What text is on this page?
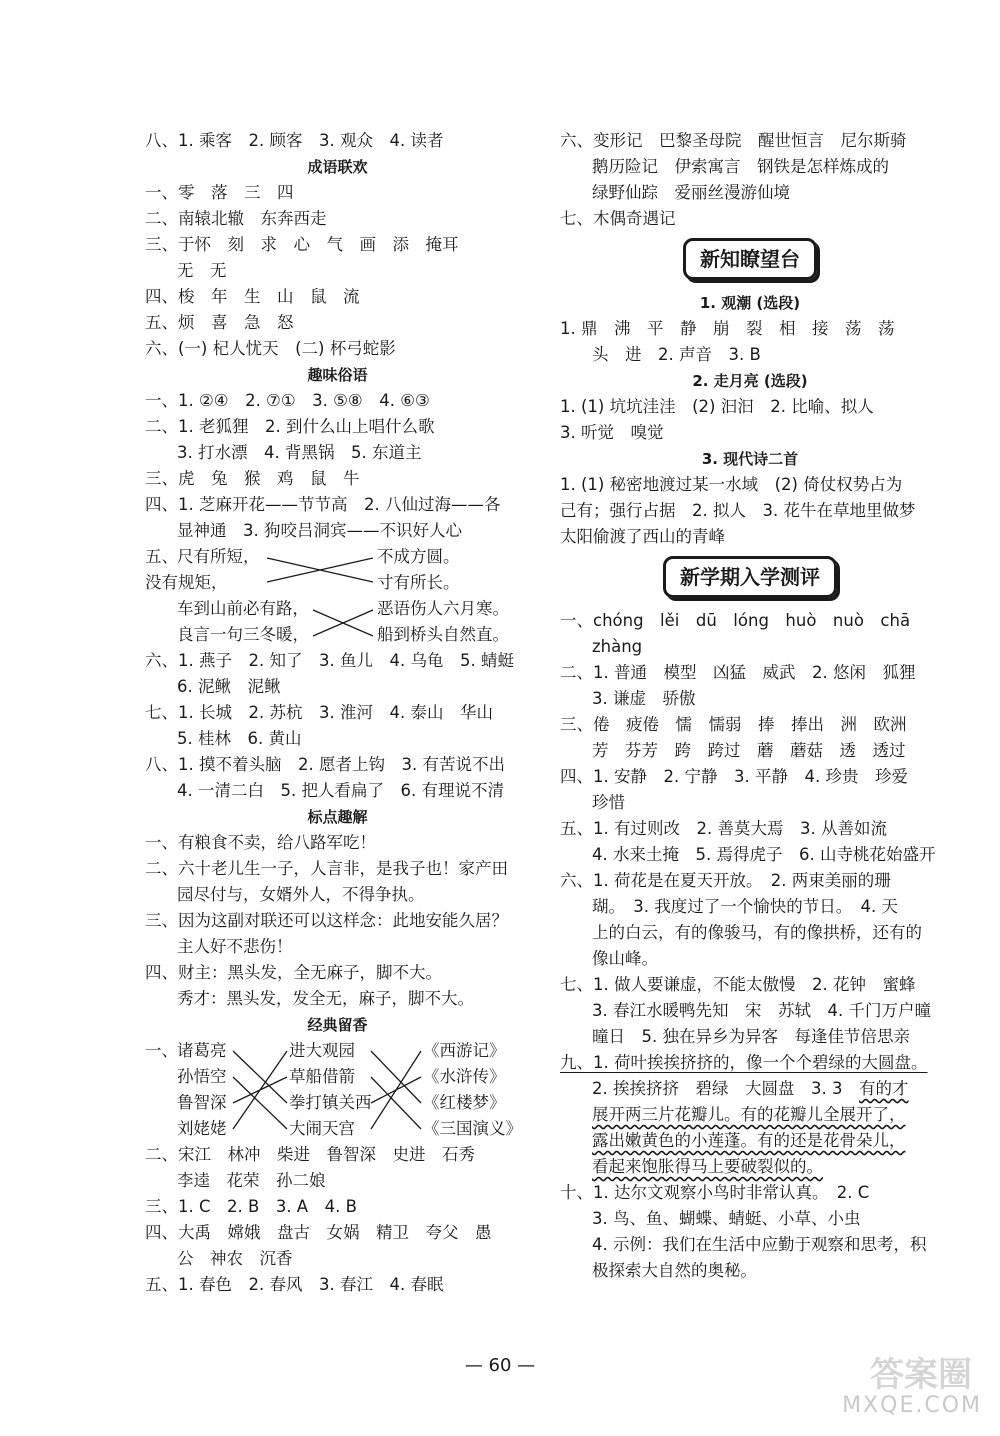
八、1. 乘客　2. 顾客　3. 观众　4. 读者
成语联欢
一、零　落　三　四
二、南辕北辙　东奔西走
三、于怀　刻　求　心　气　画　添　掩耳
无　无
四、梭　年　生　山　鼠　流
五、烦　喜　急　怒
六、(一) 杞人忧天　(二) 杯弓蛇影
趣味俗语
一、1. ②④　2. ⑦①　3. ⑤⑧　4. ⑥③
二、1. 老狐狸　2. 到什么山上唱什么歌
3. 打水漂　4. 背黑锅　5. 东道主
三、虎　兔　猴　鸡　鼠　牛
四、1. 芝麻开花——节节高　2. 八仙过海——各
显神通　3. 狗咬吕洞宾——不识好人心
五、 尺有所短，
没有规矩，
车到山前必有路，
良言一句三冬暖，
不成方圆。
寸有所长。
恶语伤人六月寒。
船到桥头自然直。
六、1. 燕子　2. 知了　3. 鱼儿　4. 乌龟　5. 蜻蜓
6. 泥鳅　泥鳅
七、1. 长城　2. 苏杭　3. 淮河　4. 泰山　华山
5. 桂林　6. 黄山
八、1. 摸不着头脑　2. 愿者上钩　3. 有苦说不出
4. 一清二白　5. 把人看扁了　6. 有理说不清
标点趣解
一、有粮食不卖，给八路军吃！
二、六十老儿生一子，人言非，是我子也！家产田
园尽付与，女婿外人，不得争执。
三、因为这副对联还可以这样念：此地安能久居？
主人好不悲伤！
四、财主：黑头发，全无麻子，脚不大。
秀才：黑头发，发全无，麻子，脚不大。
经典留香
一、 诸葛亮
孙悟空
鲁智深
刘姥姥
进大观园
草船借箭
拳打镇关西
大闹天宫
《西游记》
《水浒传》
《红楼梦》
《三国演义》
二、宋江　林冲　柴进　鲁智深　史进　石秀
李逵　花荣　孙二娘
三、1. C　2. B　3. A　4. B
四、大禹　嫦娥　盘古　女娲　精卫　夸父　愚
公　神农　沉香
五、1. 春色　2. 春风　3. 春江　4. 春眠
六、变形记　巴黎圣母院　醒世恒言　尼尔斯骑
鹅历险记　伊索寓言　钢铁是怎样炼成的
绿野仙踪　爱丽丝漫游仙境
七、木偶奇遇记
新知瞭望台
1. 观潮 (选段)
1. 鼎　沸　平　静　崩　裂　相　接　荡　荡
头　进　2. 声音　3. B
2. 走月亮 (选段)
1. (1) 坑坑洼洼　(2) 汩汩　2. 比喻、拟人
3. 听觉　嗅觉
3. 现代诗二首
1. (1) 秘密地渡过某一水域　(2) 倚仗权势占为
己有；强行占据　2. 拟人　3. 花牛在草地里做梦
太阳偷渡了西山的青峰
新学期入学测评
一、chóng　lěi　dū　lóng　huò　nuò　chā
zhàng
二、1. 普通　模型　凶猛　威武　2. 悠闲　狐狸
3. 谦虚　骄傲
三、倦　疲倦　懦　懦弱　捧　捧出　洲　欧洲
芳　芬芳　跨　跨过　蘑　蘑菇　透　透过
四、1. 安静　2. 宁静　3. 平静　4. 珍贵　珍爱
珍惜
五、1. 有过则改　2. 善莫大焉　3. 从善如流
4. 水来土掩　5. 焉得虎子　6. 山寺桃花始盛开
六、1. 荷花是在夏天开放。　2. 两束美丽的珊
瑚。　3. 我度过了一个愉快的节日。　4. 天
上的白云，有的像骏马，有的像拱桥，还有的
像山峰。
七、1. 做人要谦虚，不能太傲慢　2. 花钟　蜜蜂
3. 春江水暖鸭先知　宋　苏轼　4. 千门万户曈
曈日　5. 独在异乡为异客　每逢佳节倍思亲
九、1. 荷叶挨挨挤挤的，像一个个碧绿的大圆盘。
2. 挨挨挤挤　碧绿　大圆盘　3. 3　有的才
展开两三片花瓣儿。有的花瓣儿全展开了，
露出嫩黄色的小莲蓬。有的还是花骨朵儿，
看起来饱胀得马上要破裂似的。
十、1. 达尔文观察小鸟时非常认真。　2. C
3. 鸟、鱼、蝴蝶、蜻蜓、小草、小虫
4. 示例：我们在生活中应勤于观察和思考，积
极探索大自然的奥秘。
— 60 —	答案圈
MXQE.COM
